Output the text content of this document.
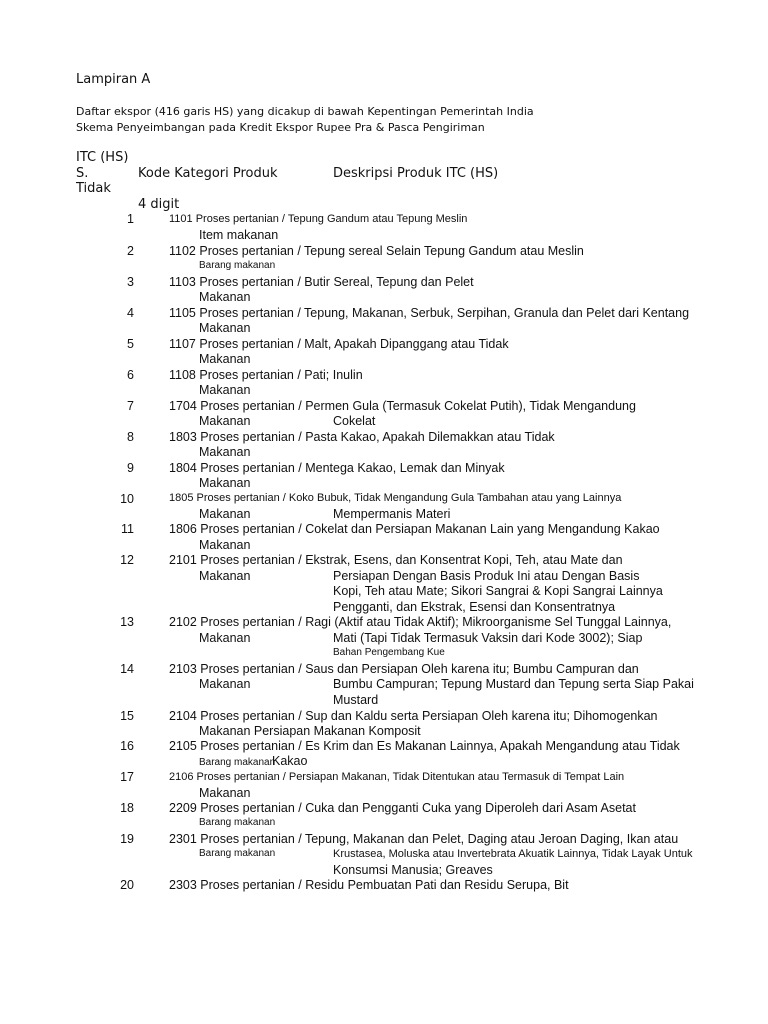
Lampiran A
Daftar ekspor (416 garis HS) yang dicakup di bawah Kepentingan Pemerintah India
Skema Penyeimbangan pada Kredit Ekspor Rupee Pra & Pasca Pengiriman
ITC (HS)
S.	Kode Kategori Produk	Deskripsi Produk ITC (HS)
Tidak
4 digit
1	1101 Proses pertanian / Tepung Gandum atau Tepung Meslin
Item makanan
2	1102 Proses pertanian / Tepung sereal Selain Tepung Gandum atau Meslin
Barang makanan
3	1103 Proses pertanian / Butir Sereal, Tepung dan Pelet
Makanan
4	1105 Proses pertanian / Tepung, Makanan, Serbuk, Serpihan, Granula dan Pelet dari Kentang
Makanan
5	1107 Proses pertanian / Malt, Apakah Dipanggang atau Tidak
Makanan
6	1108 Proses pertanian / Pati; Inulin
Makanan
7	1704 Proses pertanian / Permen Gula (Termasuk Cokelat Putih), Tidak Mengandung
Makanan	Cokelat
8	1803 Proses pertanian / Pasta Kakao, Apakah Dilemakkan atau Tidak
Makanan
9	1804 Proses pertanian / Mentega Kakao, Lemak dan Minyak
Makanan
10	1805 Proses pertanian / Koko Bubuk, Tidak Mengandung Gula Tambahan atau yang Lainnya
Makanan	Mempermanis Materi
11	1806 Proses pertanian / Cokelat dan Persiapan Makanan Lain yang Mengandung Kakao
Makanan
12	2101 Proses pertanian / Ekstrak, Esens, dan Konsentrat Kopi, Teh, atau Mate dan
Makanan	Persiapan Dengan Basis Produk Ini atau Dengan Basis
Kopi, Teh atau Mate; Sikori Sangrai & Kopi Sangrai Lainnya
Pengganti, dan Ekstrak, Esensi dan Konsentratnya
13	2102 Proses pertanian / Ragi (Aktif atau Tidak Aktif); Mikroorganisme Sel Tunggal Lainnya,
Makanan	Mati (Tapi Tidak Termasuk Vaksin dari Kode 3002); Siap
Bahan Pengembang Kue
14	2103 Proses pertanian / Saus dan Persiapan Oleh karena itu; Bumbu Campuran dan
Makanan	Bumbu Campuran; Tepung Mustard dan Tepung serta Siap Pakai
Mustard
15	2104 Proses pertanian / Sup dan Kaldu serta Persiapan Oleh karena itu; Dihomogenkan
Makanan Persiapan Makanan Komposit
16	2105 Proses pertanian / Es Krim dan Es Makanan Lainnya, Apakah Mengandung atau Tidak
Barang makanan
Kakao
17	2106 Proses pertanian / Persiapan Makanan, Tidak Ditentukan atau Termasuk di Tempat Lain
Makanan
18	2209 Proses pertanian / Cuka dan Pengganti Cuka yang Diperoleh dari Asam Asetat
Barang makanan
19	2301 Proses pertanian / Tepung, Makanan dan Pelet, Daging atau Jeroan Daging, Ikan atau
Barang makanan	Krustasea, Moluska atau Invertebrata Akuatik Lainnya, Tidak Layak Untuk
Konsumsi Manusia; Greaves
20	2303 Proses pertanian / Residu Pembuatan Pati dan Residu Serupa, Bit
